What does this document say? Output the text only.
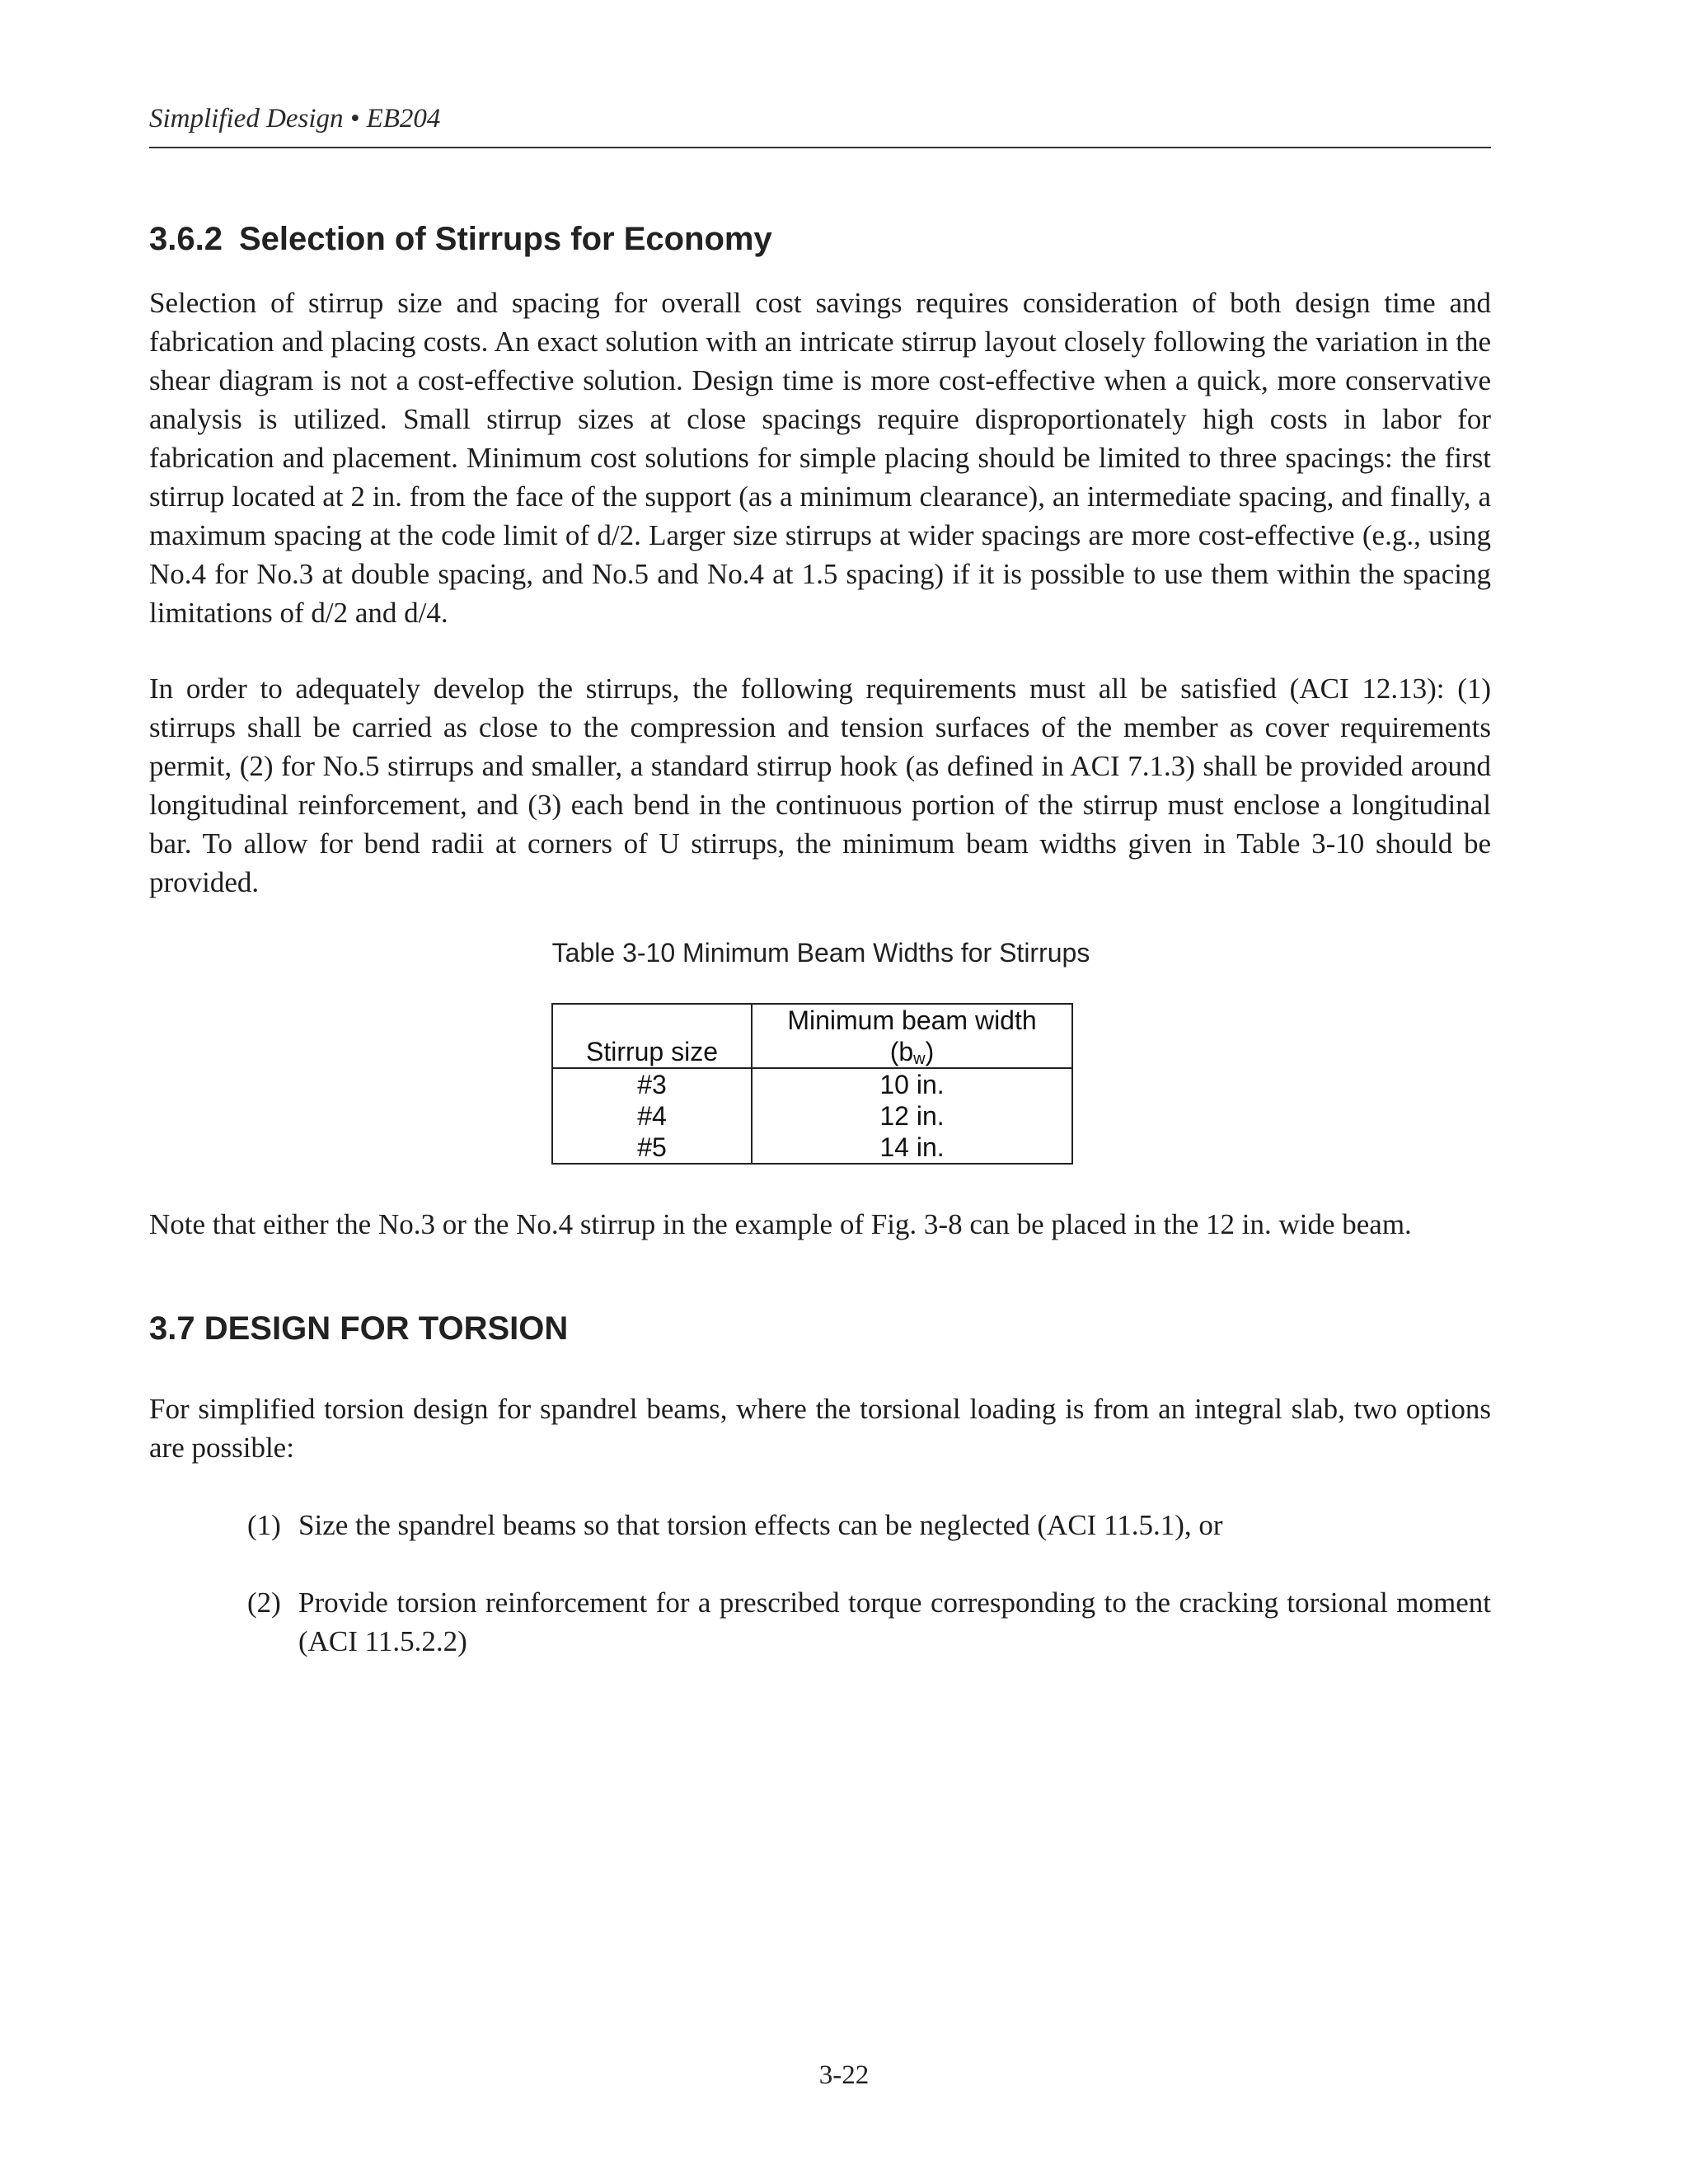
Simplified Design • EB204
3.6.2 Selection of Stirrups for Economy
Selection of stirrup size and spacing for overall cost savings requires consideration of both design time and fabrication and placing costs. An exact solution with an intricate stirrup layout closely following the variation in the shear diagram is not a cost-effective solution. Design time is more cost-effective when a quick, more conservative analysis is utilized. Small stirrup sizes at close spacings require disproportionately high costs in labor for fabrication and placement. Minimum cost solutions for simple placing should be limited to three spacings: the first stirrup located at 2 in. from the face of the support (as a minimum clearance), an intermediate spacing, and finally, a maximum spacing at the code limit of d/2. Larger size stirrups at wider spacings are more cost-effective (e.g., using No.4 for No.3 at double spacing, and No.5 and No.4 at 1.5 spacing) if it is possible to use them within the spacing limitations of d/2 and d/4.
In order to adequately develop the stirrups, the following requirements must all be satisfied (ACI 12.13): (1) stirrups shall be carried as close to the compression and tension surfaces of the member as cover requirements permit, (2) for No.5 stirrups and smaller, a standard stirrup hook (as defined in ACI 7.1.3) shall be provided around longitudinal reinforcement, and (3) each bend in the continuous portion of the stirrup must enclose a longitudinal bar. To allow for bend radii at corners of U stirrups, the minimum beam widths given in Table 3-10 should be provided.
Table 3-10 Minimum Beam Widths for Stirrups
Stirrup size	Minimum beam width
$(b_w)$

#3	10 in.
#4	12 in.
#5	14 in.
Note that either the No.3 or the No.4 stirrup in the example of Fig. 3-8 can be placed in the 12 in. wide beam.
3.7 DESIGN FOR TORSION
For simplified torsion design for spandrel beams, where the torsional loading is from an integral slab, two options are possible:
(1) Size the spandrel beams so that torsion effects can be neglected (ACI 11.5.1), or
(2) Provide torsion reinforcement for a prescribed torque corresponding to the cracking torsional moment (ACI 11.5.2.2)
3-22
